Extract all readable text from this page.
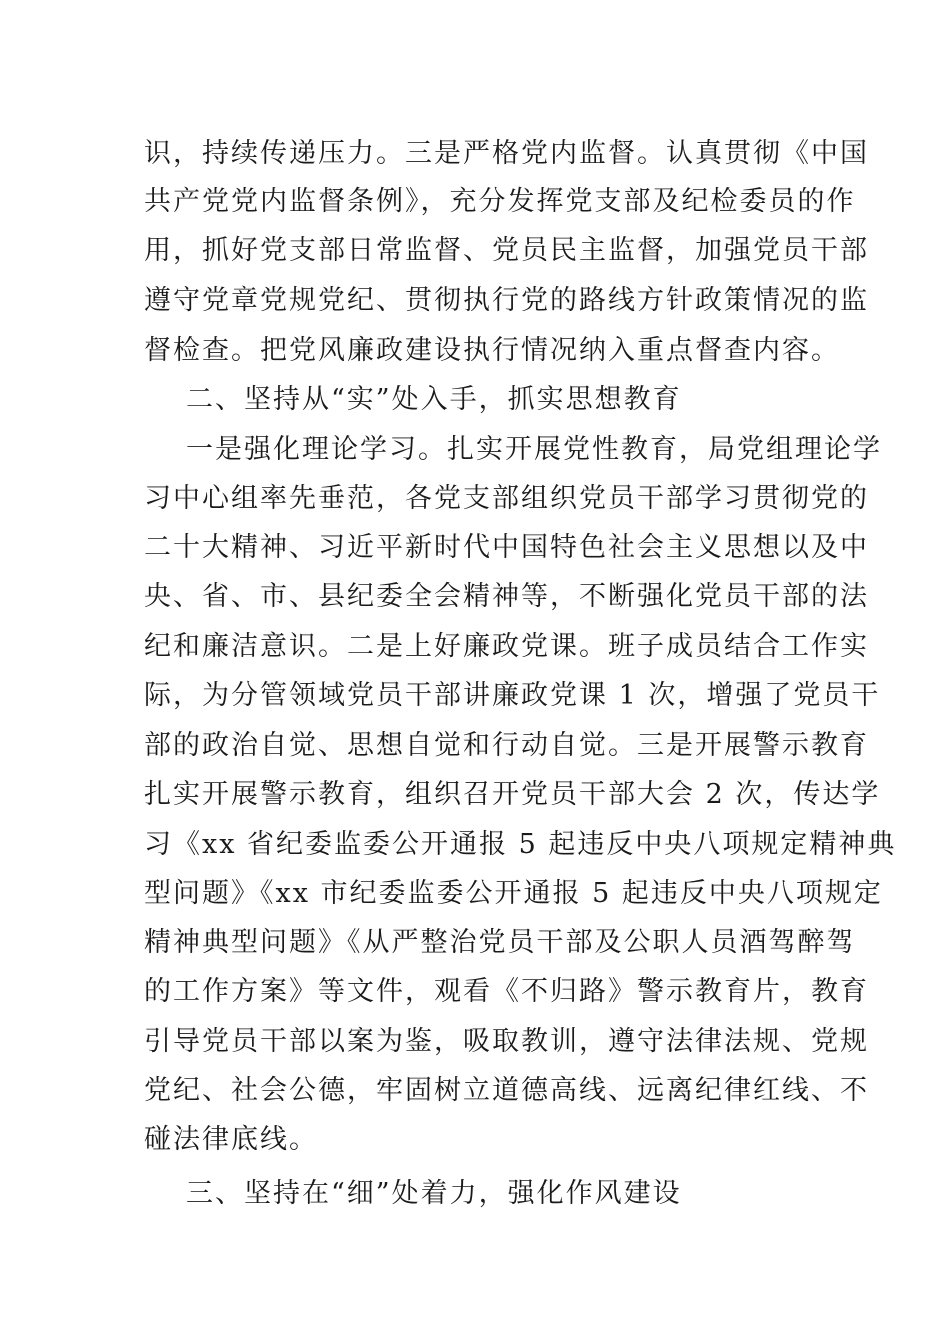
识，持续传递压力。三是严格党内监督。认真贯彻《中国
共产党党内监督条例》，充分发挥党支部及纪检委员的作
用，抓好党支部日常监督、党员民主监督，加强党员干部
遵守党章党规党纪、贯彻执行党的路线方针政策情况的监
督检查。把党风廉政建设执行情况纳入重点督查内容。
二、坚持从“实”处入手，抓实思想教育
一是强化理论学习。扎实开展党性教育，局党组理论学
习中心组率先垂范，各党支部组织党员干部学习贯彻党的
二十大精神、习近平新时代中国特色社会主义思想以及中
央、省、市、县纪委全会精神等，不断强化党员干部的法
纪和廉洁意识。二是上好廉政党课。班子成员结合工作实
际，为分管领域党员干部讲廉政党课 1 次，增强了党员干
部的政治自觉、思想自觉和行动自觉。三是开展警示教育
扎实开展警示教育，组织召开党员干部大会 2 次，传达学
习《xx 省纪委监委公开通报 5 起违反中央八项规定精神典
型问题》《xx 市纪委监委公开通报 5 起违反中央八项规定
精神典型问题》《从严整治党员干部及公职人员酒驾醉驾
的工作方案》等文件，观看《不归路》警示教育片，教育
引导党员干部以案为鉴，吸取教训，遵守法律法规、党规
党纪、社会公德，牢固树立道德高线、远离纪律红线、不
碰法律底线。
三、坚持在“细”处着力，强化作风建设
